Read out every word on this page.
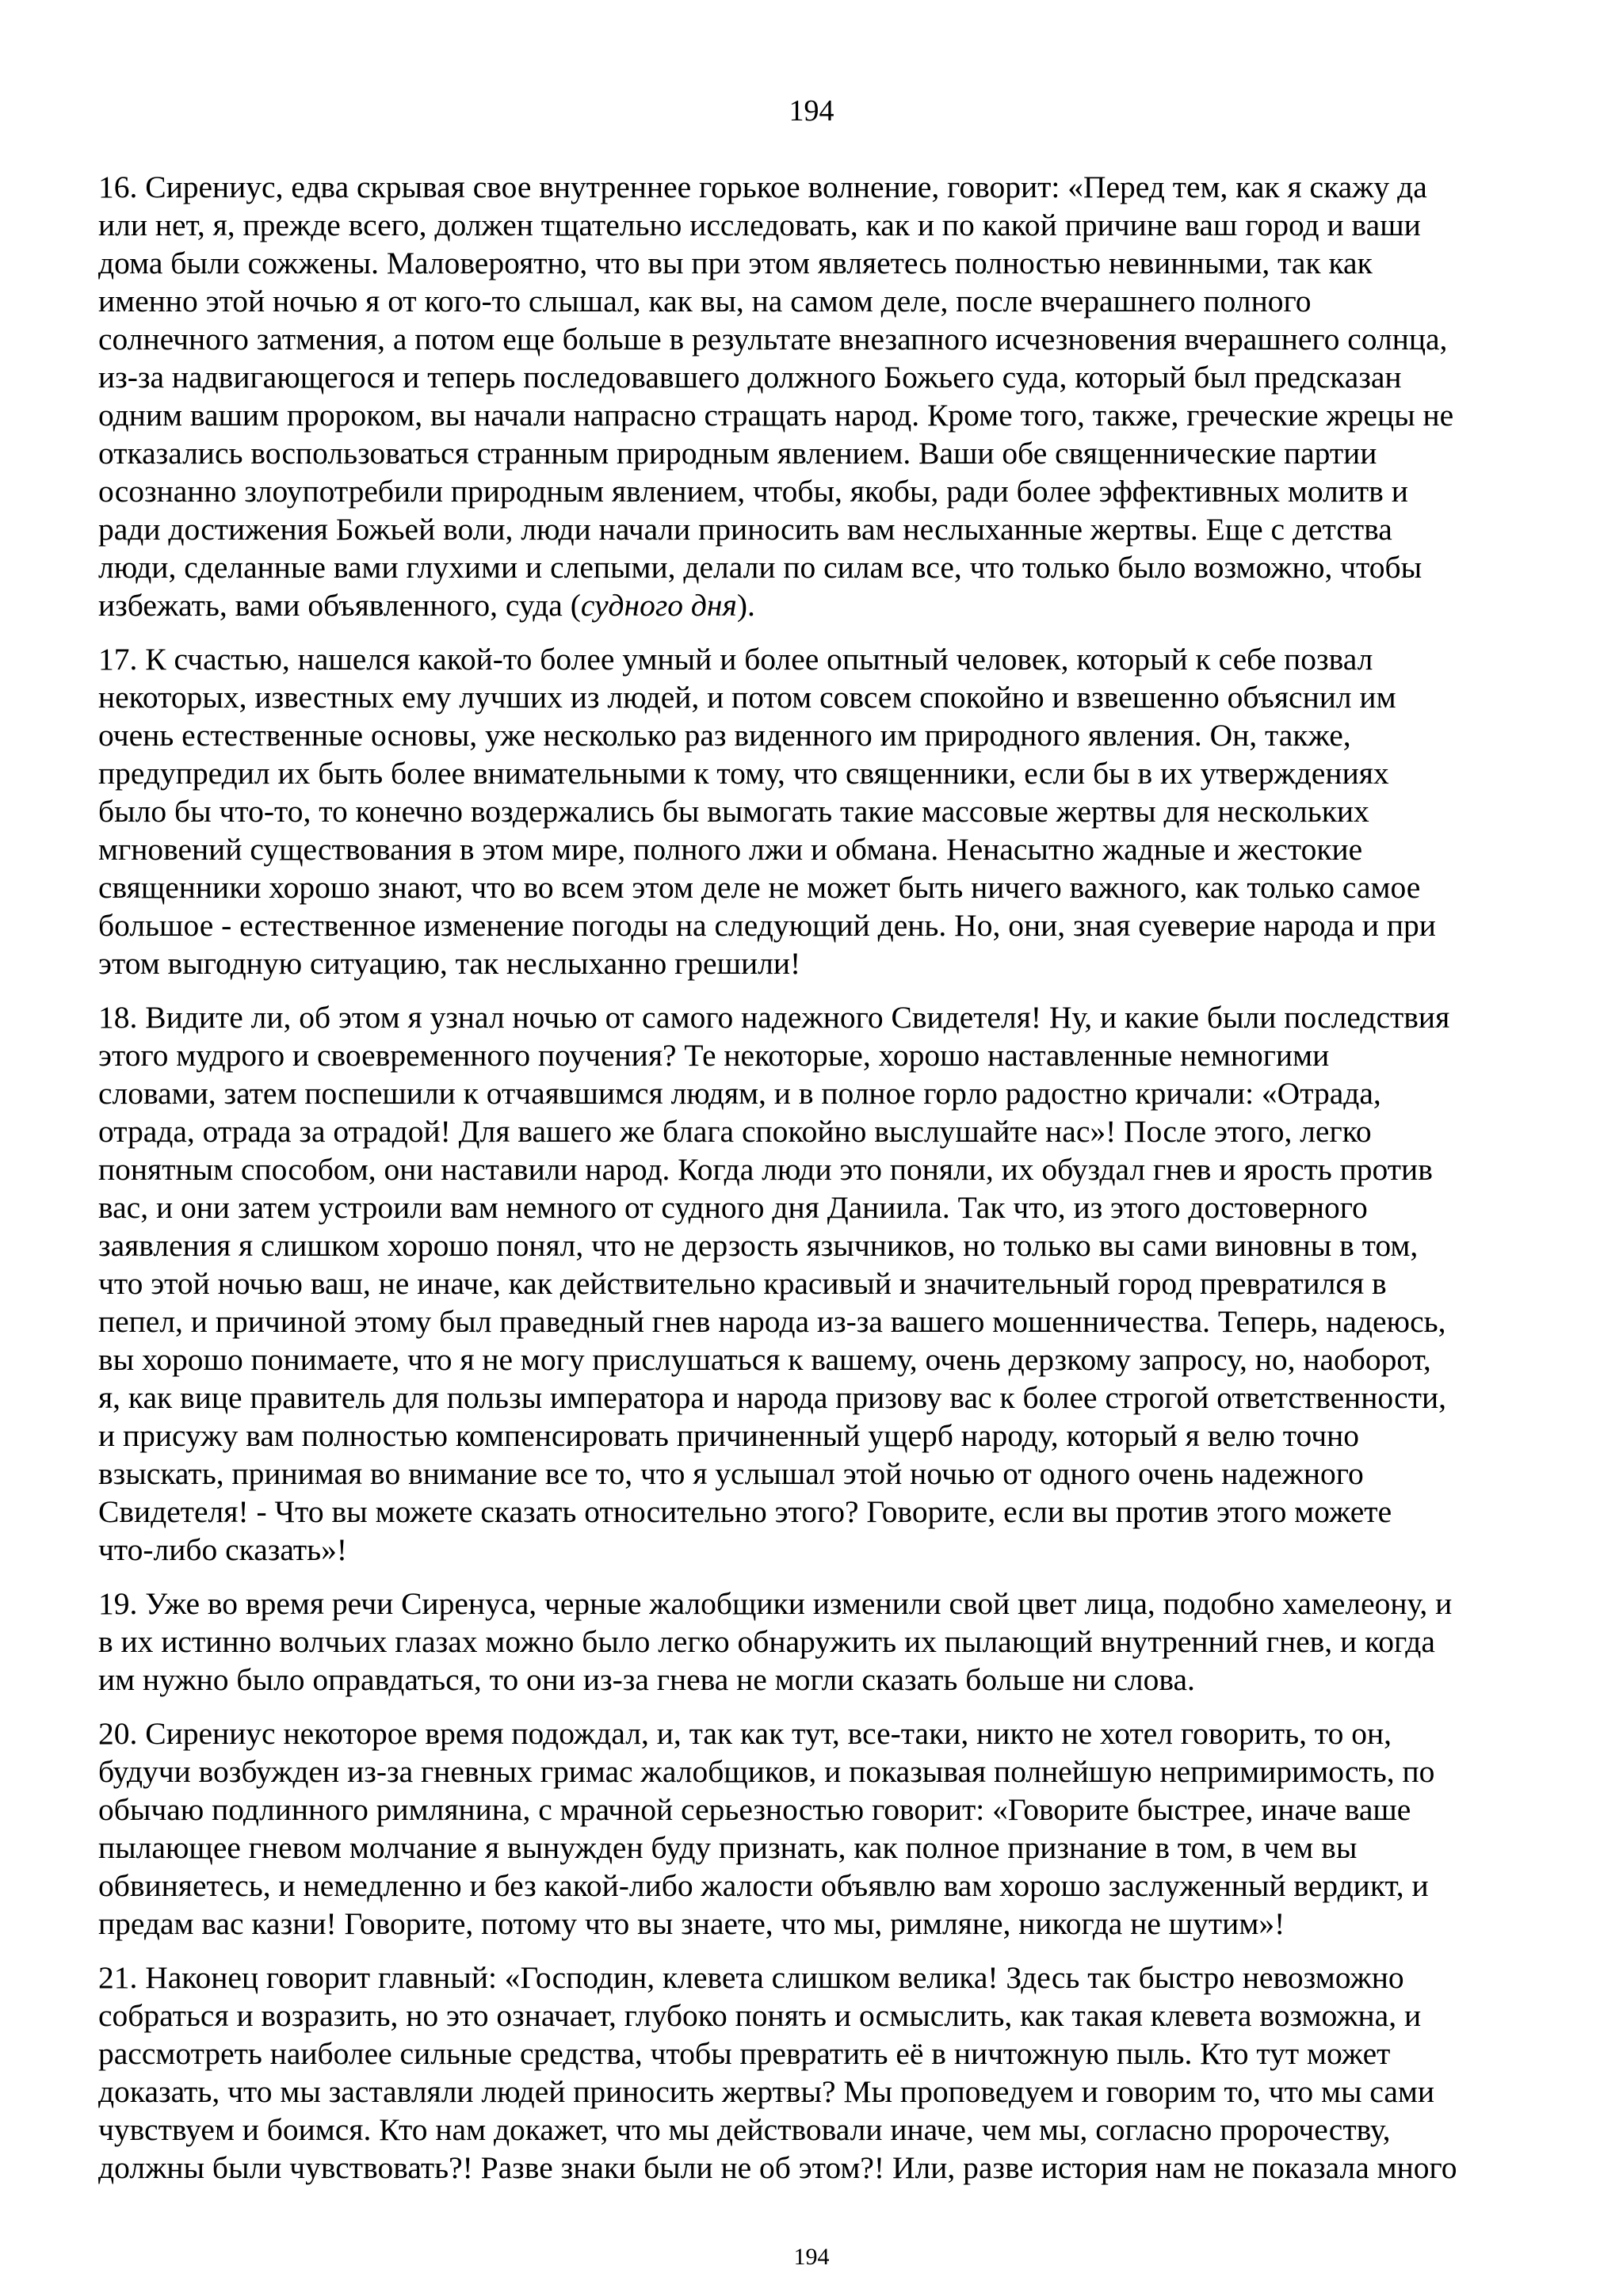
194

16. Сирениус, едва скрывая свое внутреннее горькое волнение, говорит: «Перед тем, как я скажу да
или нет, я, прежде всего, должен тщательно исследовать, как и по какой причине ваш город и ваши
дома были сожжены. Маловероятно, что вы при этом являетесь полностью невинными, так как
именно этой ночью я от кого-то слышал, как вы, на самом деле, после вчерашнего полного
солнечного затмения, а потом еще больше в результате внезапного исчезновения вчерашнего солнца,
из-за надвигающегося и теперь последовавшего должного Божьего суда, который был предсказан
одним вашим пророком, вы начали напрасно стращать народ. Кроме того, также, греческие жрецы не
отказались воспользоваться странным природным явлением. Ваши обе священнические партии
осознанно злоупотребили природным явлением, чтобы, якобы, ради более эффективных молитв и
ради достижения Божьей воли, люди начали приносить вам неслыханные жертвы. Еще с детства
люди, сделанные вами глухими и слепыми, делали по силам все, что только было возможно, чтобы
избежать, вами объявленного, суда (судного дня).

17. К счастью, нашелся какой-то более умный и более опытный человек, который к себе позвал
некоторых, известных ему лучших из людей, и потом совсем спокойно и взвешенно объяснил им
очень естественные основы, уже несколько раз виденного им природного явления. Он, также,
предупредил их быть более внимательными к тому, что священники, если бы в их утверждениях
было бы что-то, то конечно воздержались бы вымогать такие массовые жертвы для нескольких
мгновений существования в этом мире, полного лжи и обмана. Ненасытно жадные и жестокие
священники хорошо знают, что во всем этом деле не может быть ничего важного, как только самое
большое - естественное изменение погоды на следующий день. Но, они, зная суеверие народа и при
этом выгодную ситуацию, так неслыханно грешили!

18. Видите ли, об этом я узнал ночью от самого надежного Свидетеля! Ну, и какие были последствия
этого мудрого и своевременного поучения? Те некоторые, хорошо наставленные немногими
словами, затем поспешили к отчаявшимся людям, и в полное горло радостно кричали: «Отрада,
отрада, отрада за отрадой! Для вашего же блага спокойно выслушайте нас»! После этого, легко
понятным способом, они наставили народ. Когда люди это поняли, их обуздал гнев и ярость против
вас, и они затем устроили вам немного от судного дня Даниила. Так что, из этого достоверного
заявления я слишком хорошо понял, что не дерзость язычников, но только вы сами виновны в том,
что этой ночью ваш, не иначе, как действительно красивый и значительный город превратился в
пепел, и причиной этому был праведный гнев народа из-за вашего мошенничества. Теперь, надеюсь,
вы хорошо понимаете, что я не могу прислушаться к вашему, очень дерзкому запросу, но, наоборот,
я, как вице правитель для пользы императора и народа призову вас к более строгой ответственности,
и присужу вам полностью компенсировать причиненный ущерб народу, который я велю точно
взыскать, принимая во внимание все то, что я услышал этой ночью от одного очень надежного
Свидетеля! - Что вы можете сказать относительно этого? Говорите, если вы против этого можете
что-либо сказать»!

19. Уже во время речи Сиренуса, черные жалобщики изменили свой цвет лица, подобно хамелеону, и
в их истинно волчьих глазах можно было легко обнаружить их пылающий внутренний гнев, и когда
им нужно было оправдаться, то они из-за гнева не могли сказать больше ни слова.

20. Сирениус некоторое время подождал, и, так как тут, все-таки, никто не хотел говорить, то он,
будучи возбужден из-за гневных гримас жалобщиков, и показывая полнейшую непримиримость, по
обычаю подлинного римлянина, с мрачной серьезностью говорит: «Говорите быстрее, иначе ваше
пылающее гневом молчание я вынужден буду признать, как полное признание в том, в чем вы
обвиняетесь, и немедленно и без какой-либо жалости объявлю вам хорошо заслуженный вердикт, и
предам вас казни! Говорите, потому что вы знаете, что мы, римляне, никогда не шутим»!

21. Наконец говорит главный: «Господин, клевета слишком велика! Здесь так быстро невозможно
собраться и возразить, но это означает, глубоко понять и осмыслить, как такая клевета возможна, и
рассмотреть наиболее сильные средства, чтобы превратить её в ничтожную пыль. Кто тут может
доказать, что мы заставляли людей приносить жертвы? Мы проповедуем и говорим то, что мы сами
чувствуем и боимся. Кто нам докажет, что мы действовали иначе, чем мы, согласно пророчеству,
должны были чувствовать?! Разве знаки были не об этом?! Или, разве история нам не показала много

194
